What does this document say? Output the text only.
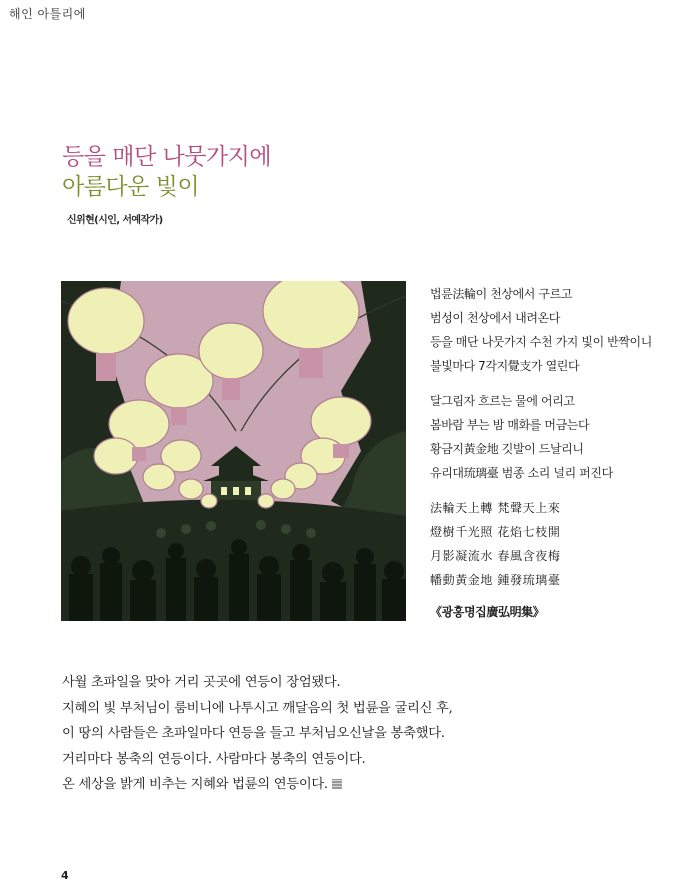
해인 아틀리에
등을 매단 나뭇가지에
아름다운 빛이
신위현(시인, 서예작가)
법륜法輪이 천상에서 구르고
범성이 천상에서 내려온다
등을 매단 나뭇가지 수천 가지 빛이 반짝이니
불빛마다 7각지覺支가 열린다
달그림자 흐르는 물에 어리고
봄바람 부는 밤 매화를 머금는다
황금지黃金地 깃발이 드날리니
유리대琉璃臺 범종 소리 널리 퍼진다
法輪天上轉 梵聲天上來
燈樹千光照 花焰七枝開
月影凝流水 春風含夜梅
幡動黃金地 鍾發琉璃臺
《광홍명집廣弘明集》
사월 초파일을 맞아 거리 곳곳에 연등이 장엄됐다.
지혜의 빛 부처님이 룸비니에 나투시고 깨달음의 첫 법륜을 굴리신 후,
이 땅의 사람들은 초파일마다 연등을 들고 부처님오신날을 봉축했다.
거리마다 봉축의 연등이다. 사람마다 봉축의 연등이다.
온 세상을 밝게 비추는 지혜와 법륜의 연등이다.
4
